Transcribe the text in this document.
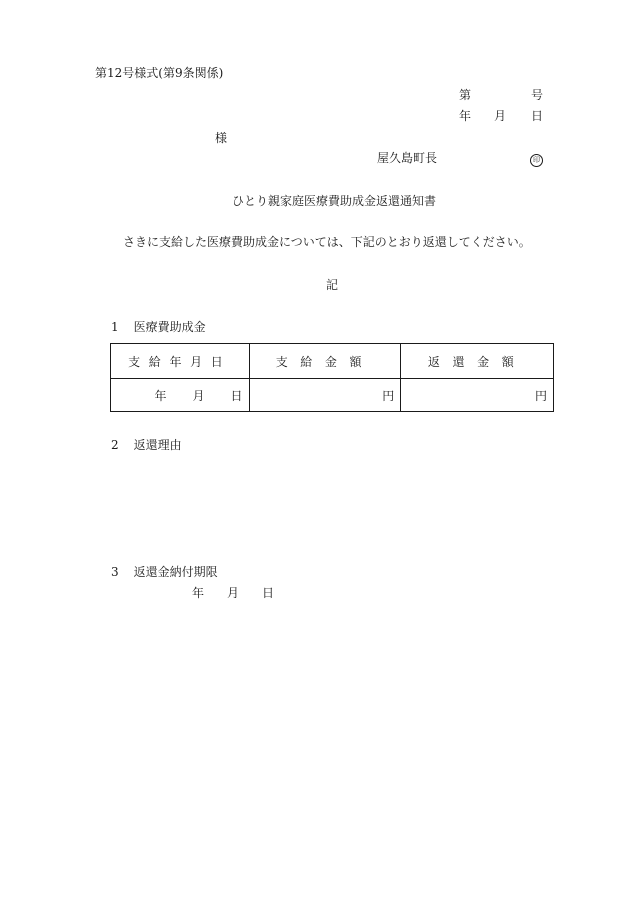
第12号様式(第9条関係)
第	号
年 月 日
様
屋久島町長	印
ひとり親家庭医療費助成金返還通知書
さきに支給した医療費助成金については、下記のとおり返還してください。
記
1 医療費助成金
支給年月日	支給金額	返還金額
年 月 日	円	円
2 返還理由
3 返還金納付期限
年 月 日
